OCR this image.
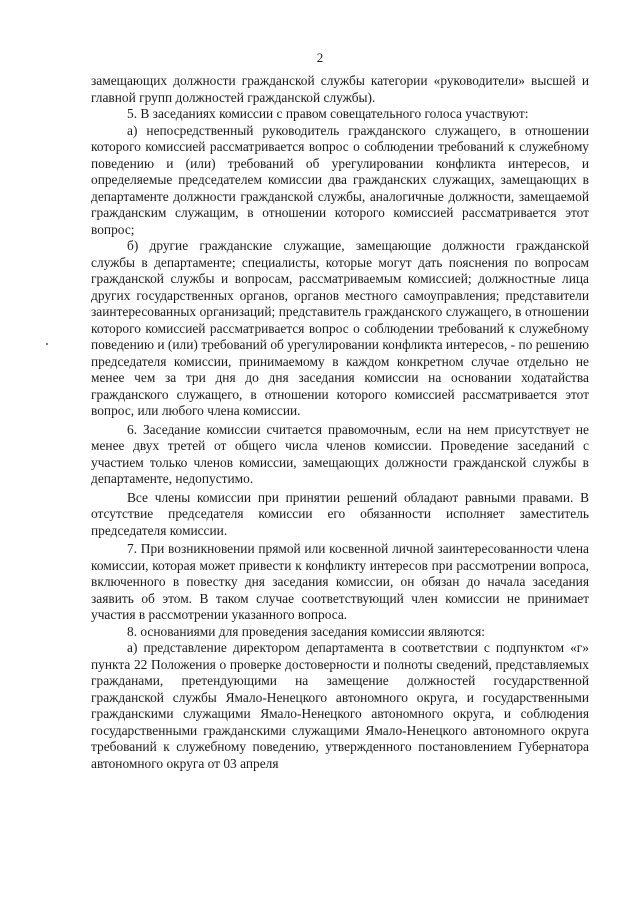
2

замещающих должности гражданской службы категории «руководители» высшей и главной групп должностей гражданской службы).

5. В заседаниях комиссии с правом совещательного голоса участвуют:

а) непосредственный руководитель гражданского служащего, в отношении которого комиссией рассматривается вопрос о соблюдении требований к служебному поведению и (или) требований об урегулировании конфликта интересов, и определяемые председателем комиссии два гражданских служащих, замещающих в департаменте должности гражданской службы, аналогичные должности, замещаемой гражданским служащим, в отношении которого комиссией рассматривается этот вопрос;

б) другие гражданские служащие, замещающие должности гражданской службы в департаменте; специалисты, которые могут дать пояснения по вопросам гражданской службы и вопросам, рассматриваемым комиссией; должностные лица других государственных органов, органов местного самоуправления; представители заинтересованных организаций; представитель гражданского служащего, в отношении которого комиссией рассматривается вопрос о соблюдении требований к служебному поведению и (или) требований об урегулировании конфликта интересов, - по решению председателя комиссии, принимаемому в каждом конкретном случае отдельно не менее чем за три дня до дня заседания комиссии на основании ходатайства гражданского служащего, в отношении которого комиссией рассматривается этот вопрос, или любого члена комиссии.

6. Заседание комиссии считается правомочным, если на нем присутствует не менее двух третей от общего числа членов комиссии. Проведение заседаний с участием только членов комиссии, замещающих должности гражданской службы в департаменте, недопустимо.

Все члены комиссии при принятии решений обладают равными правами. В отсутствие председателя комиссии его обязанности исполняет заместитель председателя комиссии.

7. При возникновении прямой или косвенной личной заинтересованности члена комиссии, которая может привести к конфликту интересов при рассмотрении вопроса, включенного в повестку дня заседания комиссии, он обязан до начала заседания заявить об этом. В таком случае соответствующий член комиссии не принимает участия в рассмотрении указанного вопроса.

8. основаниями для проведения заседания комиссии являются:

а) представление директором департамента в соответствии с подпунктом «г» пункта 22 Положения о проверке достоверности и полноты сведений, представляемых гражданами, претендующими на замещение должностей государственной гражданской службы Ямало-Ненецкого автономного округа, и государственными гражданскими служащими Ямало-Ненецкого автономного округа, и соблюдения государственными гражданскими служащими Ямало-Ненецкого автономного округа требований к служебному поведению, утвержденного постановлением Губернатора автономного округа от 03 апреля
